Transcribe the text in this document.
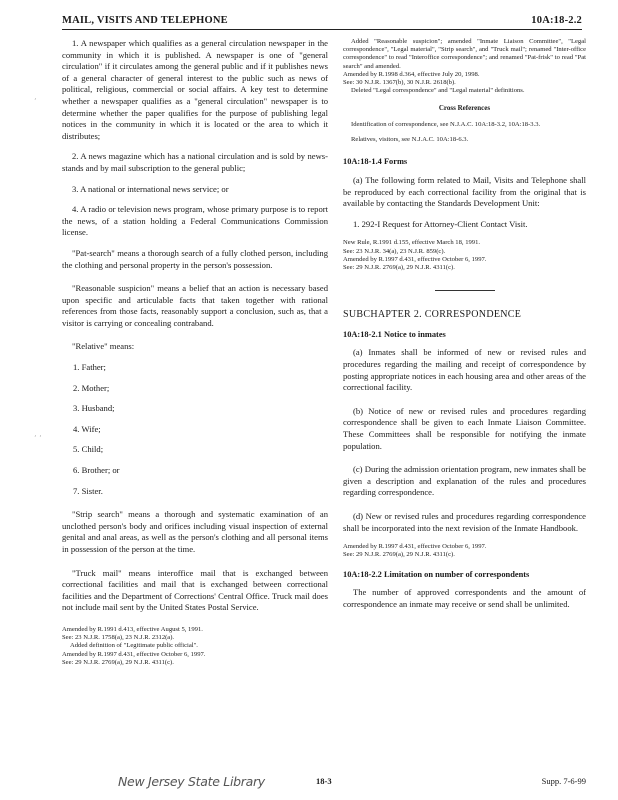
MAIL, VISITS AND TELEPHONE	10A:18-2.2
ʼ
ʼ ʼ

1. A newspaper which qualifies as a general circulation newspaper in the community in which it is published. A newspaper is one of "general circulation" if it circulates among the general public and if it publishes news of a general character of general interest to the public such as news of political, religious, commercial or social affairs. A key test to determine whether a newspaper qualifies as a "general circulation" newspaper is to determine whether the paper qualifies for the purpose of publishing legal notices in the community in which it is located or the area to which it distributes;

2. A news magazine which has a national circulation and is sold by news-stands and by mail subscription to the general public;

3. A national or international news service; or

4. A radio or television news program, whose primary purpose is to report the news, of a station holding a Federal Communications Commission license.

"Pat-search" means a thorough search of a fully clothed person, including the clothing and personal property in the person's possession.

"Reasonable suspicion" means a belief that an action is necessary based upon specific and articulable facts that taken together with rational references from those facts, reasonably support a conclusion, such as, that a visitor is carrying or concealing contraband.

"Relative" means:

1. Father;

2. Mother;

3. Husband;

4. Wife;

5. Child;

6. Brother; or

7. Sister.

"Strip search" means a thorough and systematic examination of an unclothed person's body and orifices including visual inspection of external genital and anal areas, as well as the person's clothing and all personal items in possession of the person at the time.

"Truck mail" means interoffice mail that is exchanged between correctional facilities and mail that is exchanged between correctional facilities and the Department of Corrections' Central Office. Truck mail does not include mail sent by the United States Postal Service.

Amended by R.1991 d.413, effective August 5, 1991.

See: 23 N.J.R. 1758(a), 23 N.J.R. 2312(a).

Added definition of "Legitimate public official".

Amended by R.1997 d.431, effective October 6, 1997.

See: 29 N.J.R. 2769(a), 29 N.J.R. 4311(c).

Added "Reasonable suspicion"; amended "Inmate Liaison Committee", "Legal correspondence", "Legal material", "Strip search", and "Truck mail"; renamed "Inter-office correspondence" to read "Interoffice correspondence"; and renamed "Pat-frisk" to read "Pat search" and amended.

Amended by R.1998 d.364, effective July 20, 1998.

See: 30 N.J.R. 1367(b), 30 N.J.R. 2618(b).

Deleted "Legal correspondence" and "Legal material" definitions.

Cross References

Identification of correspondence, see N.J.A.C. 10A:18-3.2, 10A:18-3.3.

Relatives, visitors, see N.J.A.C. 10A:18-6.3.

10A:18-1.4 Forms

(a) The following form related to Mail, Visits and Telephone shall be reproduced by each correctional facility from the original that is available by contacting the Standards Development Unit:

1. 292-I Request for Attorney-Client Contact Visit.

New Rule, R.1991 d.155, effective March 18, 1991.

See: 23 N.J.R. 34(a), 23 N.J.R. 859(c).

Amended by R.1997 d.431, effective October 6, 1997.

See: 29 N.J.R. 2769(a), 29 N.J.R. 4311(c).

SUBCHAPTER 2. CORRESPONDENCE
10A:18-2.1 Notice to inmates

(a) Inmates shall be informed of new or revised rules and procedures regarding the mailing and receipt of correspondence by posting appropriate notices in each housing area and other areas of the correctional facility.

(b) Notice of new or revised rules and procedures regarding correspondence shall be given to each Inmate Liaison Committee. These Committees shall be responsible for notifying the inmate population.

(c) During the admission orientation program, new inmates shall be given a description and explanation of the rules and procedures regarding correspondence.

(d) New or revised rules and procedures regarding correspondence shall be incorporated into the next revision of the Inmate Handbook.

Amended by R.1997 d.431, effective October 6, 1997.

See: 29 N.J.R. 2769(a), 29 N.J.R. 4311(c).

10A:18-2.2 Limitation on number of correspondents

The number of approved correspondents and the amount of correspondence an inmate may receive or send shall be unlimited.

New Jersey State Library	18-3	Supp. 7-6-99
